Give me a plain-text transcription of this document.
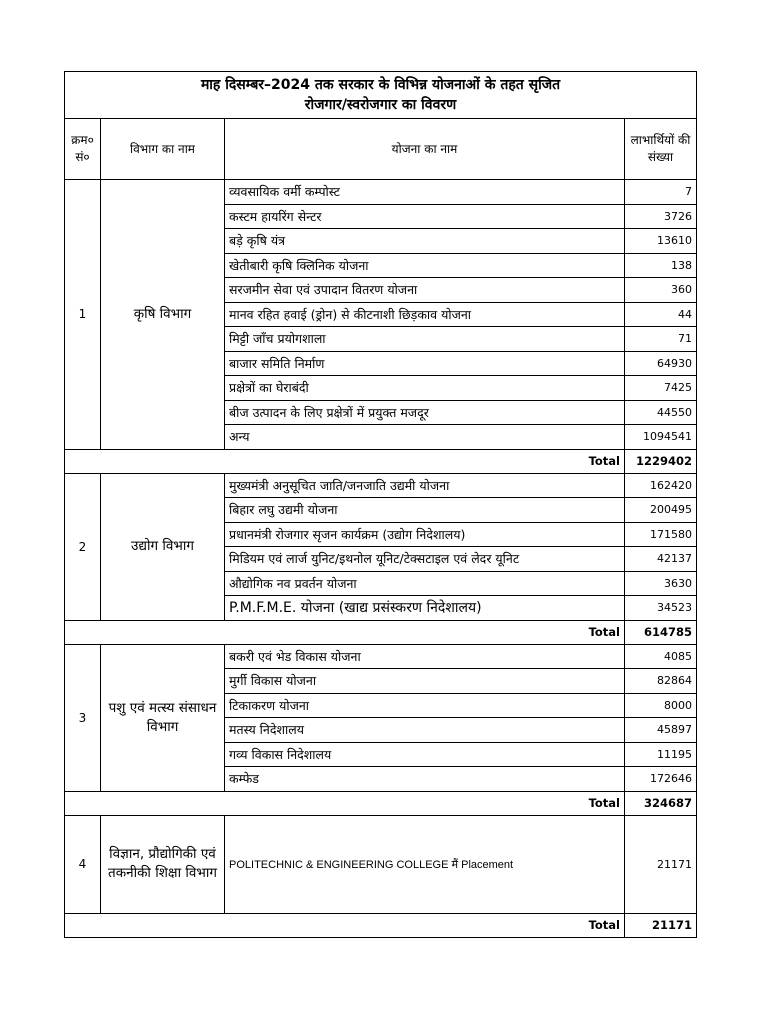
माह दिसम्बर–2024 तक सरकार के विभिन्न योजनाओं के तहत सृजित
रोजगार/स्वरोजगार का विवरण			

क्रम० सं०	विभाग का नाम	योजना का नाम	लाभार्थियों की संख्या
1	कृषि विभाग	व्यवसायिक वर्मी कम्पोस्ट	7
		कस्टम हायरिंग सेन्टर	3726
		बड़े कृषि यंत्र	13610
		खेतीबारी कृषि क्लिनिक योजना	138
		सरजमीन सेवा एवं उपादान वितरण योजना	360
		मानव रहित हवाई (ड्रोन) से कीटनाशी छिड़काव योजना	44
		मिट्टी जाँच प्रयोगशाला	71
		बाजार समिति निर्माण	64930
		प्रक्षेत्रों का घेराबंदी	7425
		बीज उत्पादन के लिए प्रक्षेत्रों में प्रयुक्त मजदूर	44550
		अन्य	1094541
Total			1229402
2	उद्योग विभाग	मुख्यमंत्री अनुसूचित जाति/जनजाति उद्यमी योजना	162420
		बिहार लघु उद्यमी योजना	200495
		प्रधानमंत्री रोजगार सृजन कार्यक्रम (उद्योग निदेशालय)	171580
		मिडियम एवं लार्ज युनिट/इथनोल यूनिट/टेक्सटाइल एवं लेदर यूनिट	42137
		औद्योगिक नव प्रवर्तन योजना	3630
		P.M.F.M.E. योजना (खाद्य प्रसंस्करण निदेशालय)	34523
Total			614785
3	पशु एवं मत्स्य संसाधन विभाग	बकरी एवं भेड विकास योजना	4085
		मुर्गी विकास योजना	82864
		टिकाकरण योजना	8000
		मतस्य निदेशालय	45897
		गव्य विकास निदेशालय	11195
		कम्फेड	172646
Total			324687
4	विज्ञान, प्रौद्योगिकी एवं तकनीकी शिक्षा विभाग	POLITECHNIC & ENGINEERING COLLEGE मैं Placement	21171
Total			21171
